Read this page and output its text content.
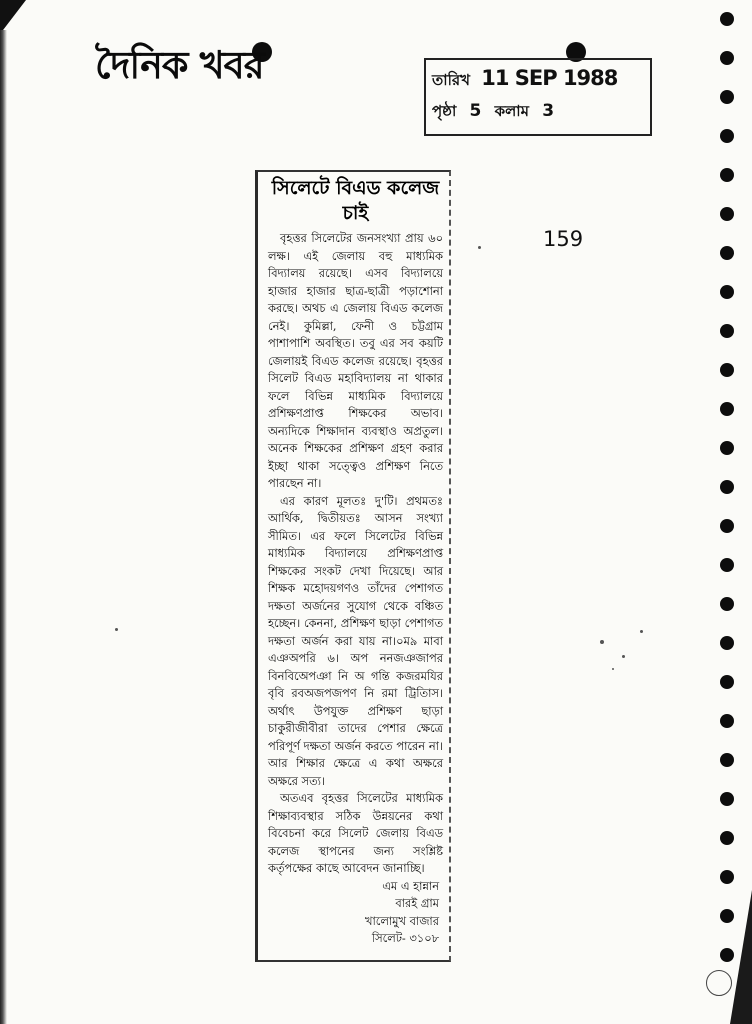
দৈনিক খবর	তারিখ 11 SEP 1988
পৃষ্ঠা 5 কলাম 3
159
সিলেটে বিএড কলেজ
চাই

বৃহত্তর সিলেটের জনসংখ্যা প্রায় ৬০ লক্ষ। এই জেলায় বহু মাধ্যমিক বিদ্যালয় রয়েছে। এসব বিদ্যালয়ে হাজার হাজার ছাত্র-ছাত্রী পড়াশোনা করছে। অথচ এ জেলায় বিএড কলেজ নেই। কুমিল্লা, ফেনী ও চট্টগ্রাম পাশাপাশি অবস্থিত। তবু এর সব কয়টি জেলায়ই বিএড কলেজ রয়েছে। বৃহত্তর সিলেট বিএড মহাবিদ্যালয় না থাকার ফলে বিভিন্ন মাধ্যমিক বিদ্যালয়ে প্রশিক্ষণপ্রাপ্ত শিক্ষকের অভাব। অন্যদিকে শিক্ষাদান ব্যবস্থাও অপ্রতুল। অনেক শিক্ষকের প্রশিক্ষণ গ্রহণ করার ইচ্ছা থাকা সত্ত্বেও প্রশিক্ষণ নিতে পারছেন না।

এর কারণ মূলতঃ দু'টি। প্রথমতঃ আর্থিক, দ্বিতীয়তঃ আসন সংখ্যা সীমিত। এর ফলে সিলেটের বিভিন্ন মাধ্যমিক বিদ্যালয়ে প্রশিক্ষণপ্রাপ্ত শিক্ষকের সংকট দেখা দিয়েছে। আর শিক্ষক মহোদয়গণও তাঁদের পেশাগত দক্ষতা অর্জনের সুযোগ থেকে বঞ্চিত হচ্ছেন। কেননা, প্রশিক্ষণ ছাড়া পেশাগত দক্ষতা অর্জন করা যায় না।০ম৯ মাবা এঞঅপরি ৬। অপ ননজঞজাপর বিনবিঅেপঞা নি অ গন্তি কজরমযির বৃবি রবঅজপজপণ নি রমা ট্রিতিাস। অর্থাৎ উপযুক্ত প্রশিক্ষণ ছাড়া চাকুরীজীবীরা তাদের পেশার ক্ষেত্রে পরিপূর্ণ দক্ষতা অর্জন করতে পারেন না। আর শিক্ষার ক্ষেত্রে এ কথা অক্ষরে অক্ষরে সত্য।

অতএব বৃহত্তর সিলেটের মাধ্যমিক শিক্ষাব্যবস্থার সঠিক উন্নয়নের কথা বিবেচনা করে সিলেট জেলায় বিএড কলেজ স্থাপনের জন্য সংশ্লিষ্ট কর্তৃপক্ষের কাছে আবেদন জানাচ্ছি।

এম এ হান্নান

বারই গ্রাম

খালোমুখ বাজার

সিলেট- ৩১০৮
